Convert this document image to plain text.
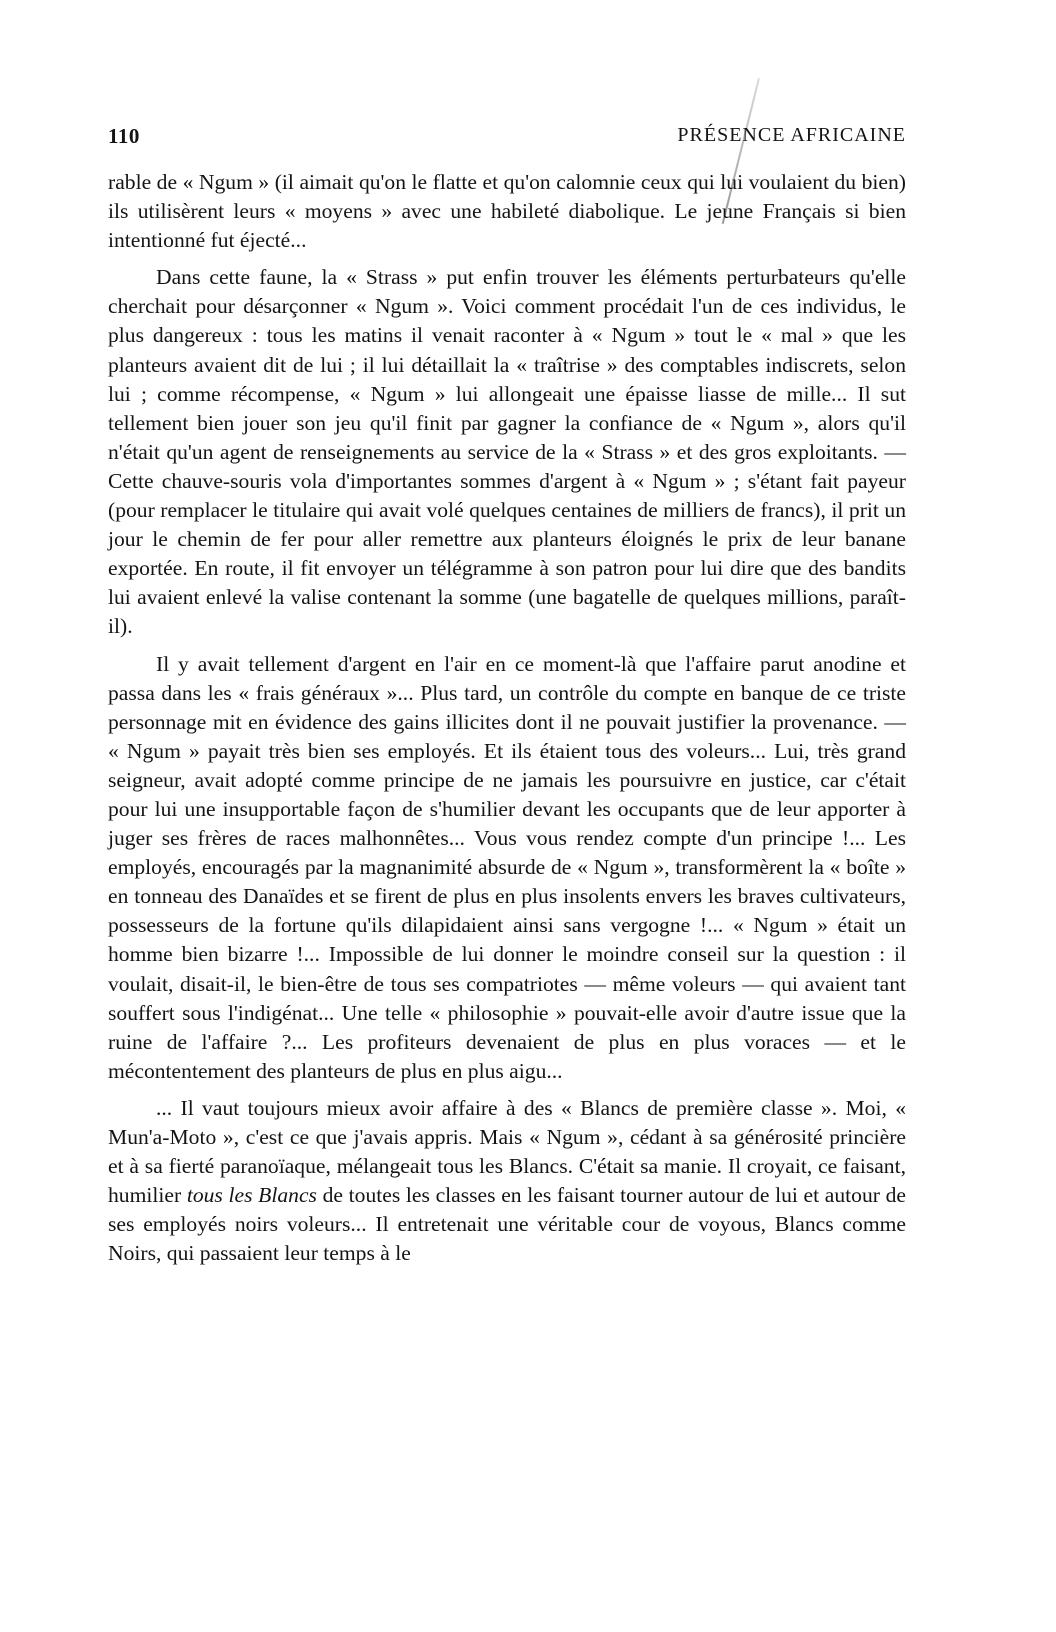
110	PRÉSENCE AFRICAINE

rable de « Ngum » (il aimait qu'on le flatte et qu'on calomnie ceux qui lui voulaient du bien) ils utilisèrent leurs « moyens » avec une habileté diabolique. Le jeune Français si bien intentionné fut éjecté...

Dans cette faune, la « Strass » put enfin trouver les éléments perturbateurs qu'elle cherchait pour désarçonner « Ngum ». Voici comment procédait l'un de ces individus, le plus dangereux : tous les matins il venait raconter à « Ngum » tout le « mal » que les planteurs avaient dit de lui ; il lui détaillait la « traîtrise » des comptables indiscrets, selon lui ; comme récompense, « Ngum » lui allongeait une épaisse liasse de mille... Il sut tellement bien jouer son jeu qu'il finit par gagner la confiance de « Ngum », alors qu'il n'était qu'un agent de renseignements au service de la « Strass » et des gros exploitants. — Cette chauve-souris vola d'importantes sommes d'argent à « Ngum » ; s'étant fait payeur (pour remplacer le titulaire qui avait volé quelques centaines de milliers de francs), il prit un jour le chemin de fer pour aller remettre aux planteurs éloignés le prix de leur banane exportée. En route, il fit envoyer un télégramme à son patron pour lui dire que des bandits lui avaient enlevé la valise contenant la somme (une bagatelle de quelques millions, paraît-il).

Il y avait tellement d'argent en l'air en ce moment-là que l'affaire parut anodine et passa dans les « frais généraux »... Plus tard, un contrôle du compte en banque de ce triste personnage mit en évidence des gains illicites dont il ne pouvait justifier la provenance. — « Ngum » payait très bien ses employés. Et ils étaient tous des voleurs... Lui, très grand seigneur, avait adopté comme principe de ne jamais les poursuivre en justice, car c'était pour lui une insupportable façon de s'humilier devant les occupants que de leur apporter à juger ses frères de races malhonnêtes... Vous vous rendez compte d'un principe !... Les employés, encouragés par la magnanimité absurde de « Ngum », transformèrent la « boîte » en tonneau des Danaïdes et se firent de plus en plus insolents envers les braves cultivateurs, possesseurs de la fortune qu'ils dilapidaient ainsi sans vergogne !... « Ngum » était un homme bien bizarre !... Impossible de lui donner le moindre conseil sur la question : il voulait, disait-il, le bien-être de tous ses compatriotes — même voleurs — qui avaient tant souffert sous l'indigénat... Une telle « philosophie » pouvait-elle avoir d'autre issue que la ruine de l'affaire ?... Les profiteurs devenaient de plus en plus voraces — et le mécontentement des planteurs de plus en plus aigu...

... Il vaut toujours mieux avoir affaire à des « Blancs de première classe ». Moi, « Mun'a-Moto », c'est ce que j'avais appris. Mais « Ngum », cédant à sa générosité princière et à sa fierté paranoïaque, mélangeait tous les Blancs. C'était sa manie. Il croyait, ce faisant, humilier tous les Blancs de toutes les classes en les faisant tourner autour de lui et autour de ses employés noirs voleurs... Il entretenait une véritable cour de voyous, Blancs comme Noirs, qui passaient leur temps à le
